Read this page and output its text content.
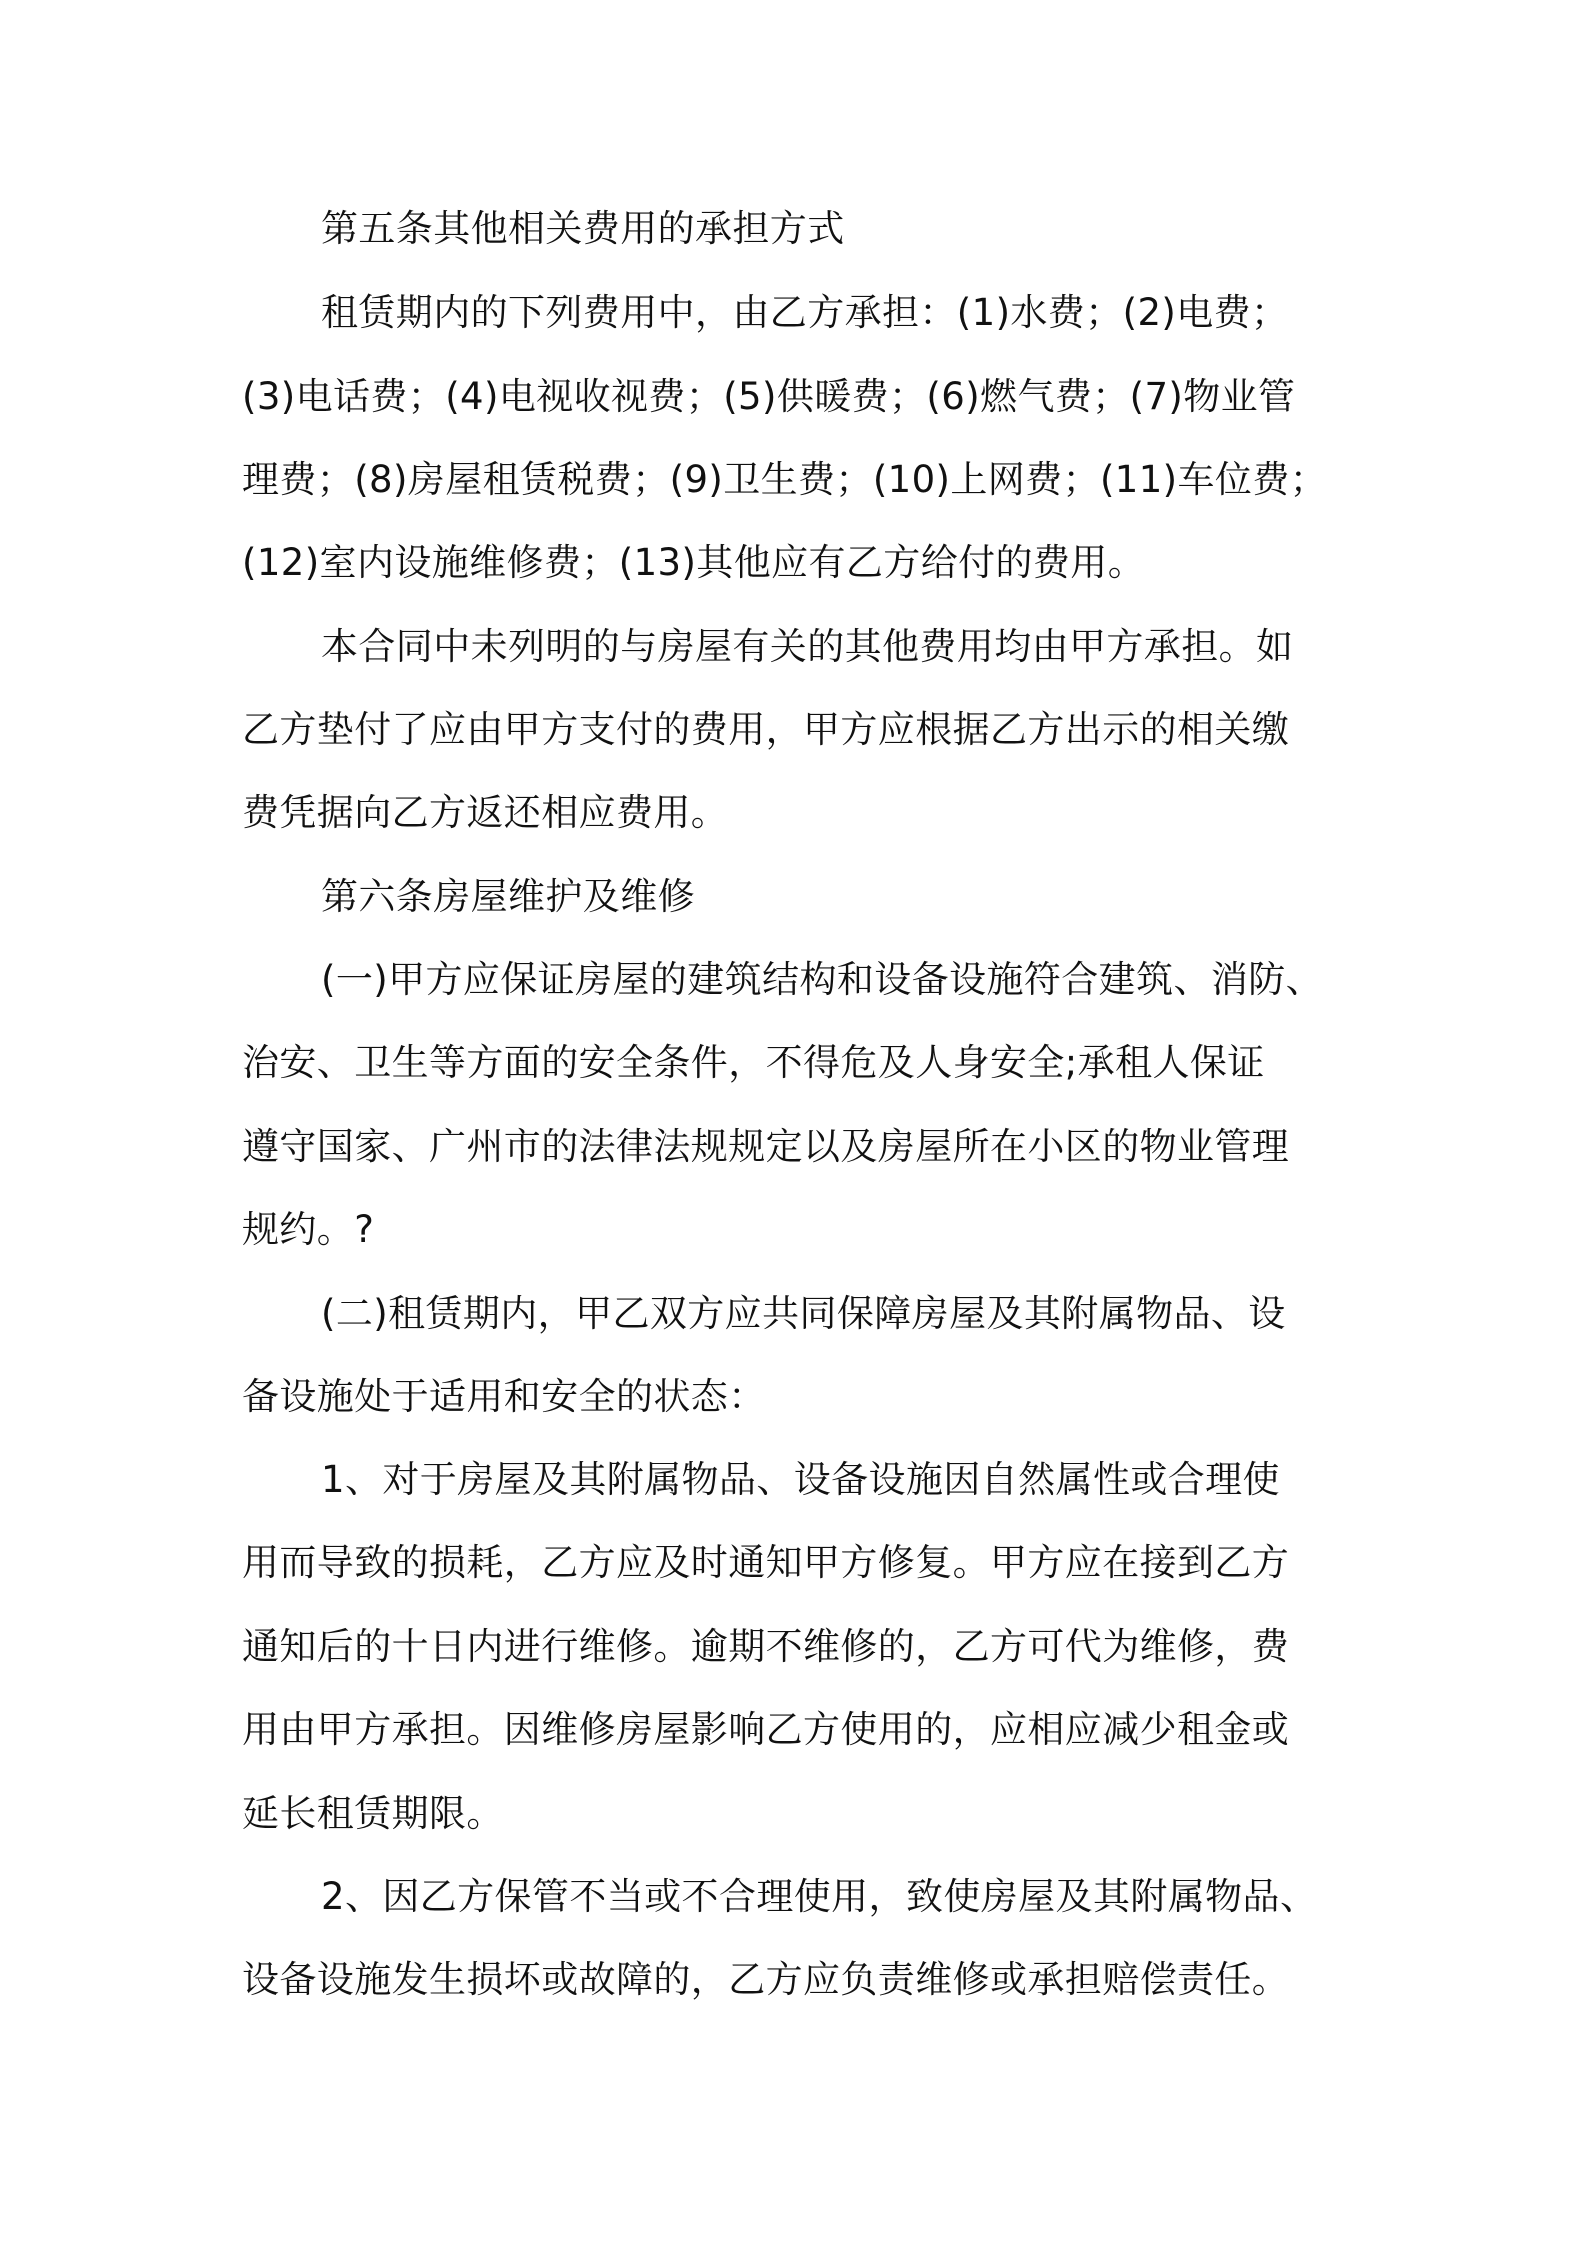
第五条其他相关费用的承担方式
租赁期内的下列费用中，由乙方承担：(1)水费；(2)电费；
(3)电话费；(4)电视收视费；(5)供暖费；(6)燃气费；(7)物业管
理费；(8)房屋租赁税费；(9)卫生费；(10)上网费；(11)车位费；
(12)室内设施维修费；(13)其他应有乙方给付的费用。
本合同中未列明的与房屋有关的其他费用均由甲方承担。如
乙方垫付了应由甲方支付的费用，甲方应根据乙方出示的相关缴
费凭据向乙方返还相应费用。
第六条房屋维护及维修
(一)甲方应保证房屋的建筑结构和设备设施符合建筑、消防、
治安、卫生等方面的安全条件，不得危及人身安全;承租人保证
遵守国家、广州市的法律法规规定以及房屋所在小区的物业管理
规约。?
(二)租赁期内，甲乙双方应共同保障房屋及其附属物品、设
备设施处于适用和安全的状态：
1、对于房屋及其附属物品、设备设施因自然属性或合理使
用而导致的损耗，乙方应及时通知甲方修复。甲方应在接到乙方
通知后的十日内进行维修。逾期不维修的，乙方可代为维修，费
用由甲方承担。因维修房屋影响乙方使用的，应相应减少租金或
延长租赁期限。
2、因乙方保管不当或不合理使用，致使房屋及其附属物品、
设备设施发生损坏或故障的，乙方应负责维修或承担赔偿责任。
